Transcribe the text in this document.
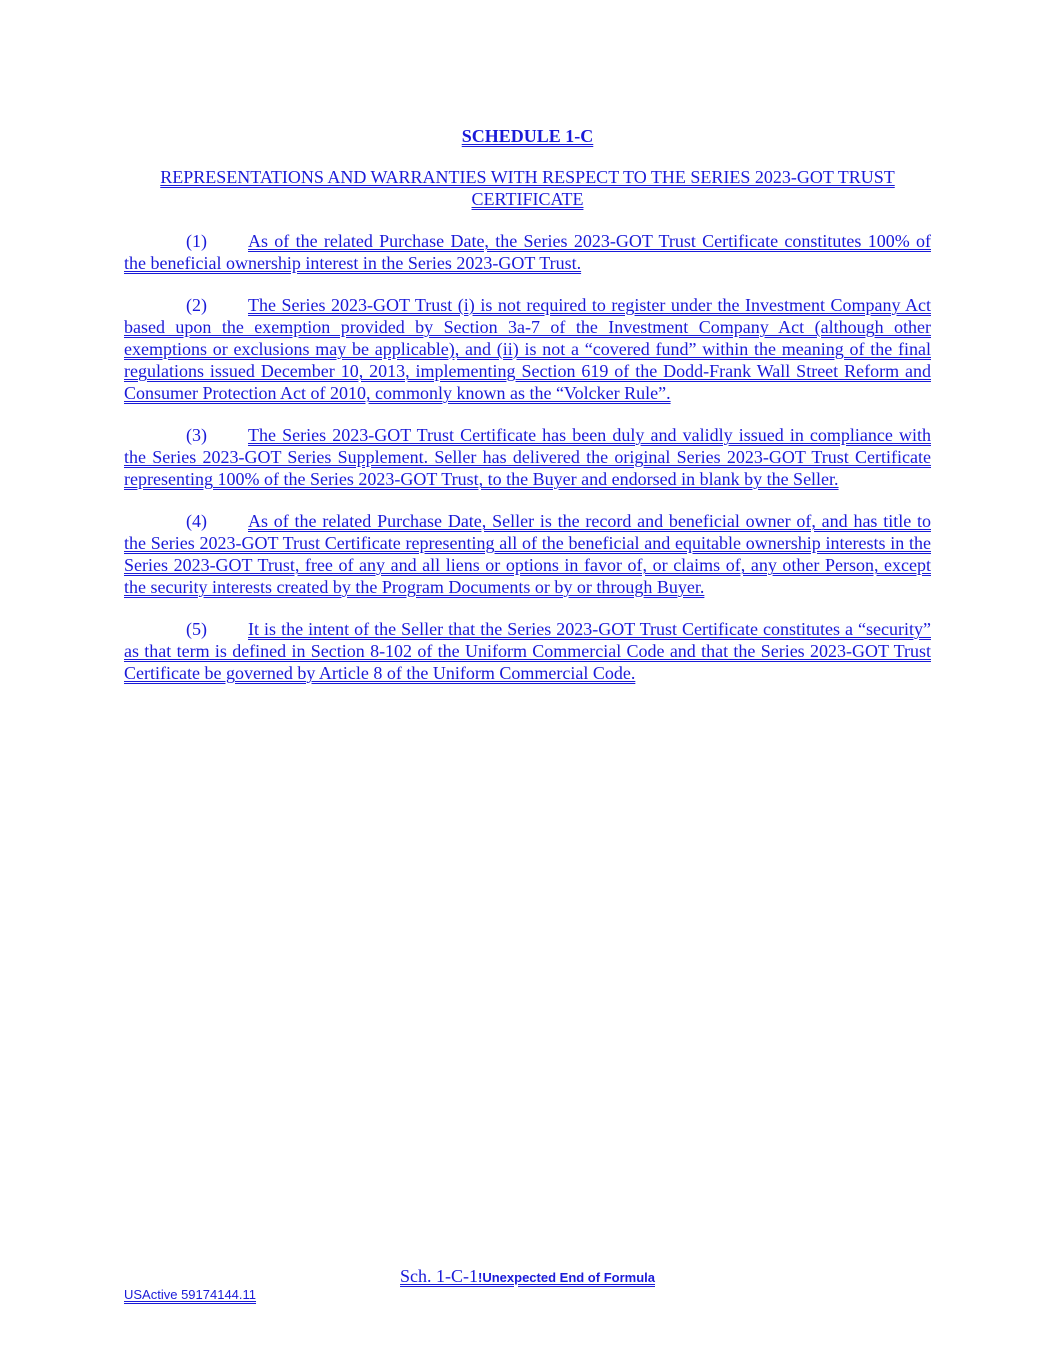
SCHEDULE 1-C
REPRESENTATIONS AND WARRANTIES WITH RESPECT TO THE SERIES 2023-GOT TRUST CERTIFICATE
(1) As of the related Purchase Date, the Series 2023-GOT Trust Certificate constitutes 100% of the beneficial ownership interest in the Series 2023-GOT Trust.
(2) The Series 2023-GOT Trust (i) is not required to register under the Investment Company Act based upon the exemption provided by Section 3a-7 of the Investment Company Act (although other exemptions or exclusions may be applicable), and (ii) is not a “covered fund” within the meaning of the final regulations issued December 10, 2013, implementing Section 619 of the Dodd-Frank Wall Street Reform and Consumer Protection Act of 2010, commonly known as the “Volcker Rule”.
(3) The Series 2023-GOT Trust Certificate has been duly and validly issued in compliance with the Series 2023-GOT Series Supplement. Seller has delivered the original Series 2023-GOT Trust Certificate representing 100% of the Series 2023-GOT Trust, to the Buyer and endorsed in blank by the Seller.
(4) As of the related Purchase Date, Seller is the record and beneficial owner of, and has title to the Series 2023-GOT Trust Certificate representing all of the beneficial and equitable ownership interests in the Series 2023-GOT Trust, free of any and all liens or options in favor of, or claims of, any other Person, except the security interests created by the Program Documents or by or through Buyer.
(5) It is the intent of the Seller that the Series 2023-GOT Trust Certificate constitutes a “security” as that term is defined in Section 8-102 of the Uniform Commercial Code and that the Series 2023-GOT Trust Certificate be governed by Article 8 of the Uniform Commercial Code.
Sch. 1-C-1!Unexpected End of Formula
USActive 59174144.11
